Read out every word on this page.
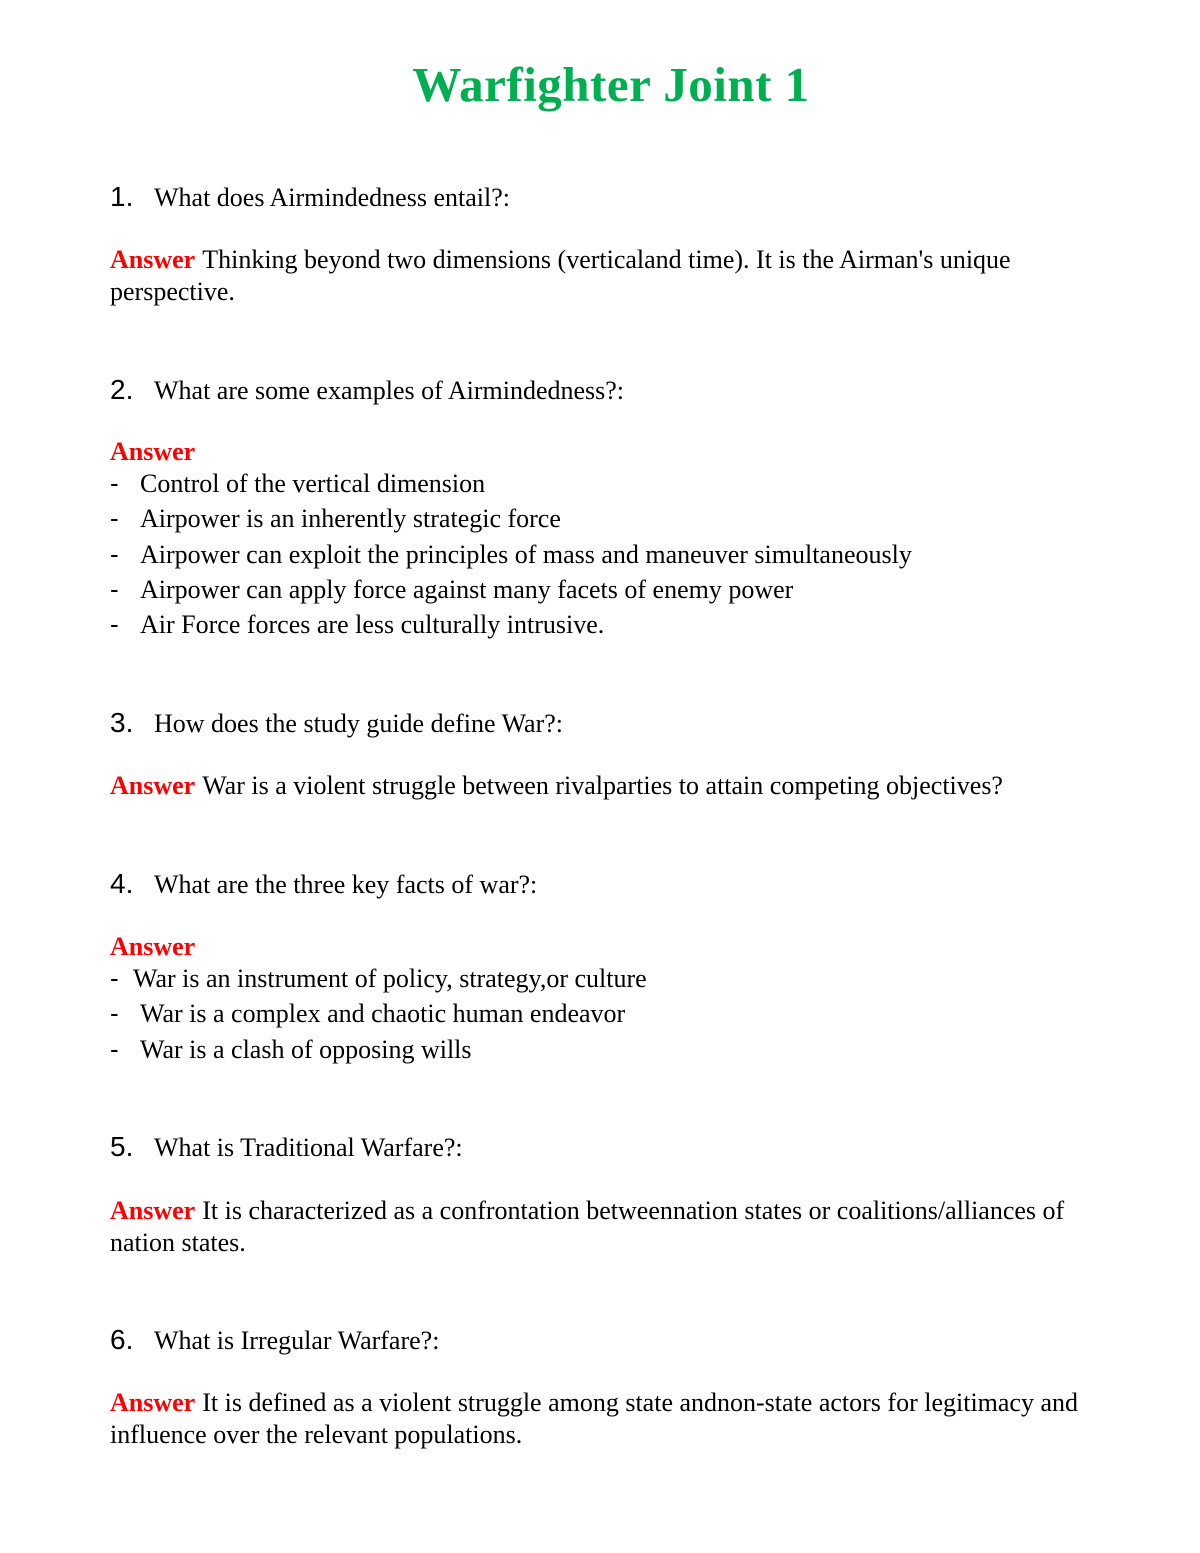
Warfighter Joint 1
1. What does Airmindedness entail?:
Answer Thinking beyond two dimensions (verticaland time). It is the Airman's unique perspective.
2. What are some examples of Airmindedness?:
Answer
- Control of the vertical dimension
- Airpower is an inherently strategic force
- Airpower can exploit the principles of mass and maneuver simultaneously
- Airpower can apply force against many facets of enemy power
- Air Force forces are less culturally intrusive.
3. How does the study guide define War?:
Answer War is a violent struggle between rivalparties to attain competing objectives?
4. What are the three key facts of war?:
Answer
- War is an instrument of policy, strategy,or culture
- War is a complex and chaotic human endeavor
- War is a clash of opposing wills
5. What is Traditional Warfare?:
Answer It is characterized as a confrontation betweennation states or coalitions/alliances of nation states.
6. What is Irregular Warfare?:
Answer It is defined as a violent struggle among state andnon-state actors for legitimacy and influence over the relevant populations.
